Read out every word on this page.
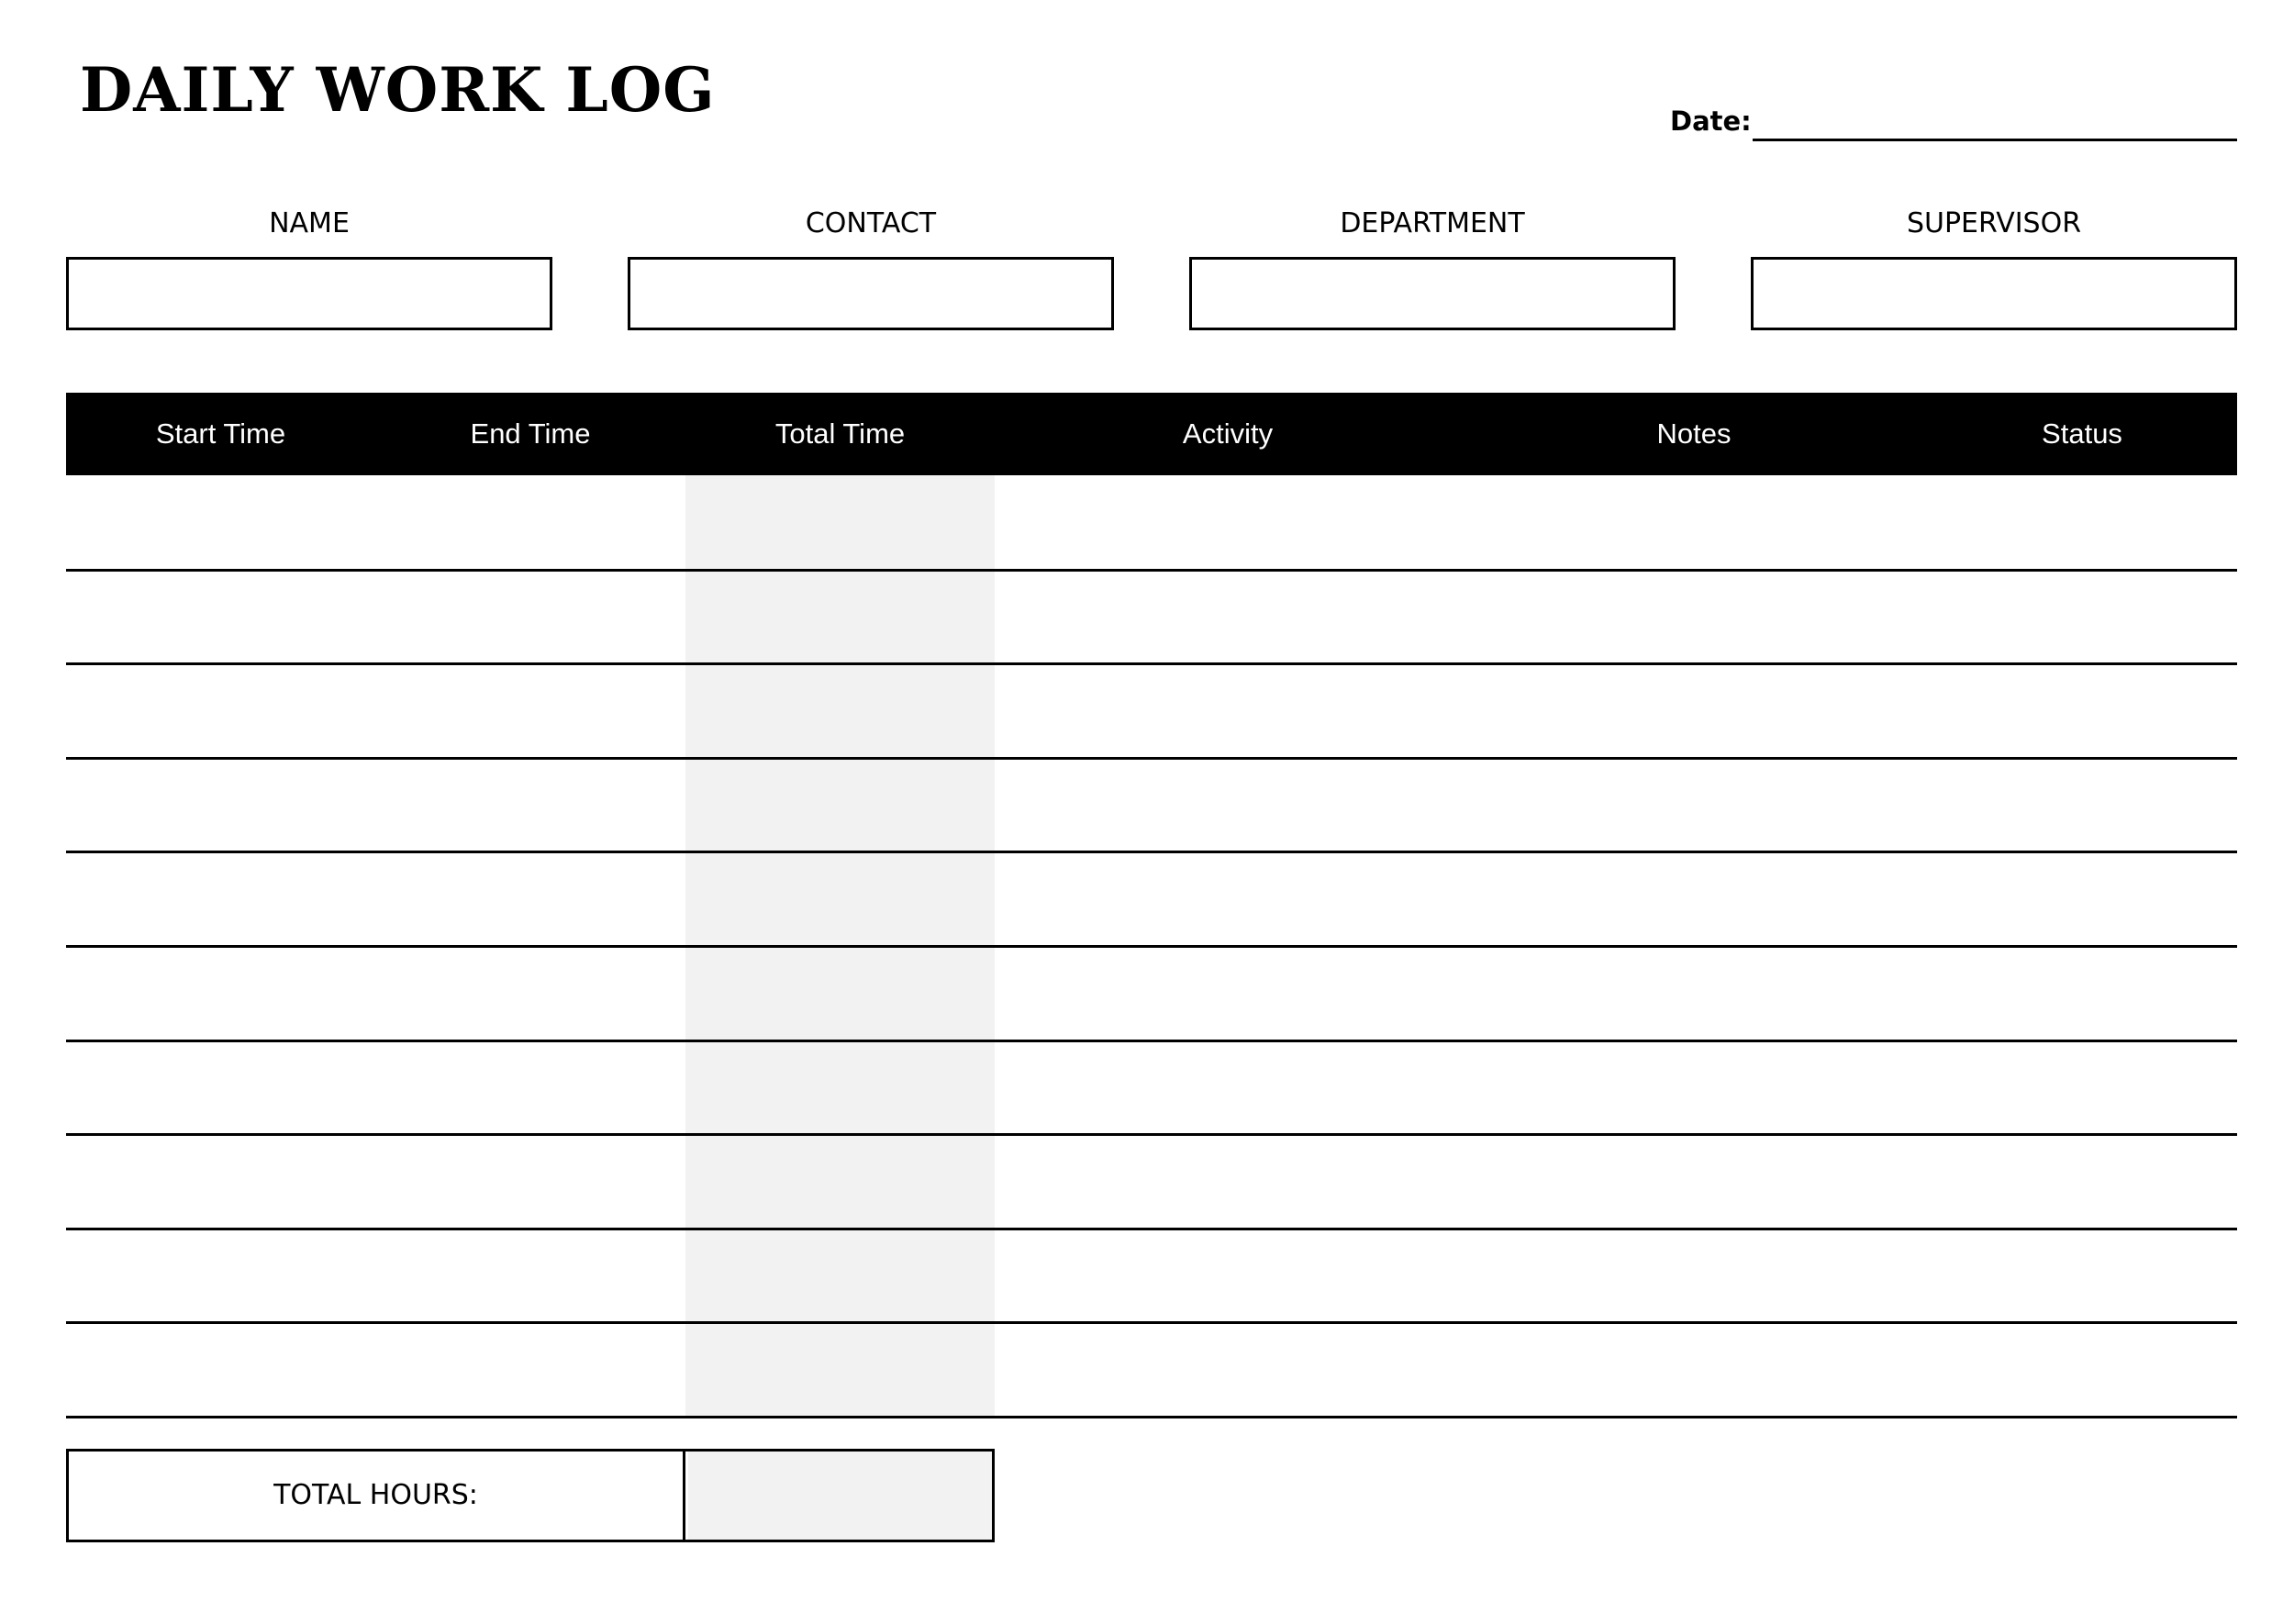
DAILY WORK LOG	Date:
NAME	CONTACT	DEPARTMENT	SUPERVISOR
Start Time	End Time	Total Time	Activity	Notes	Status
TOTAL HOURS:
